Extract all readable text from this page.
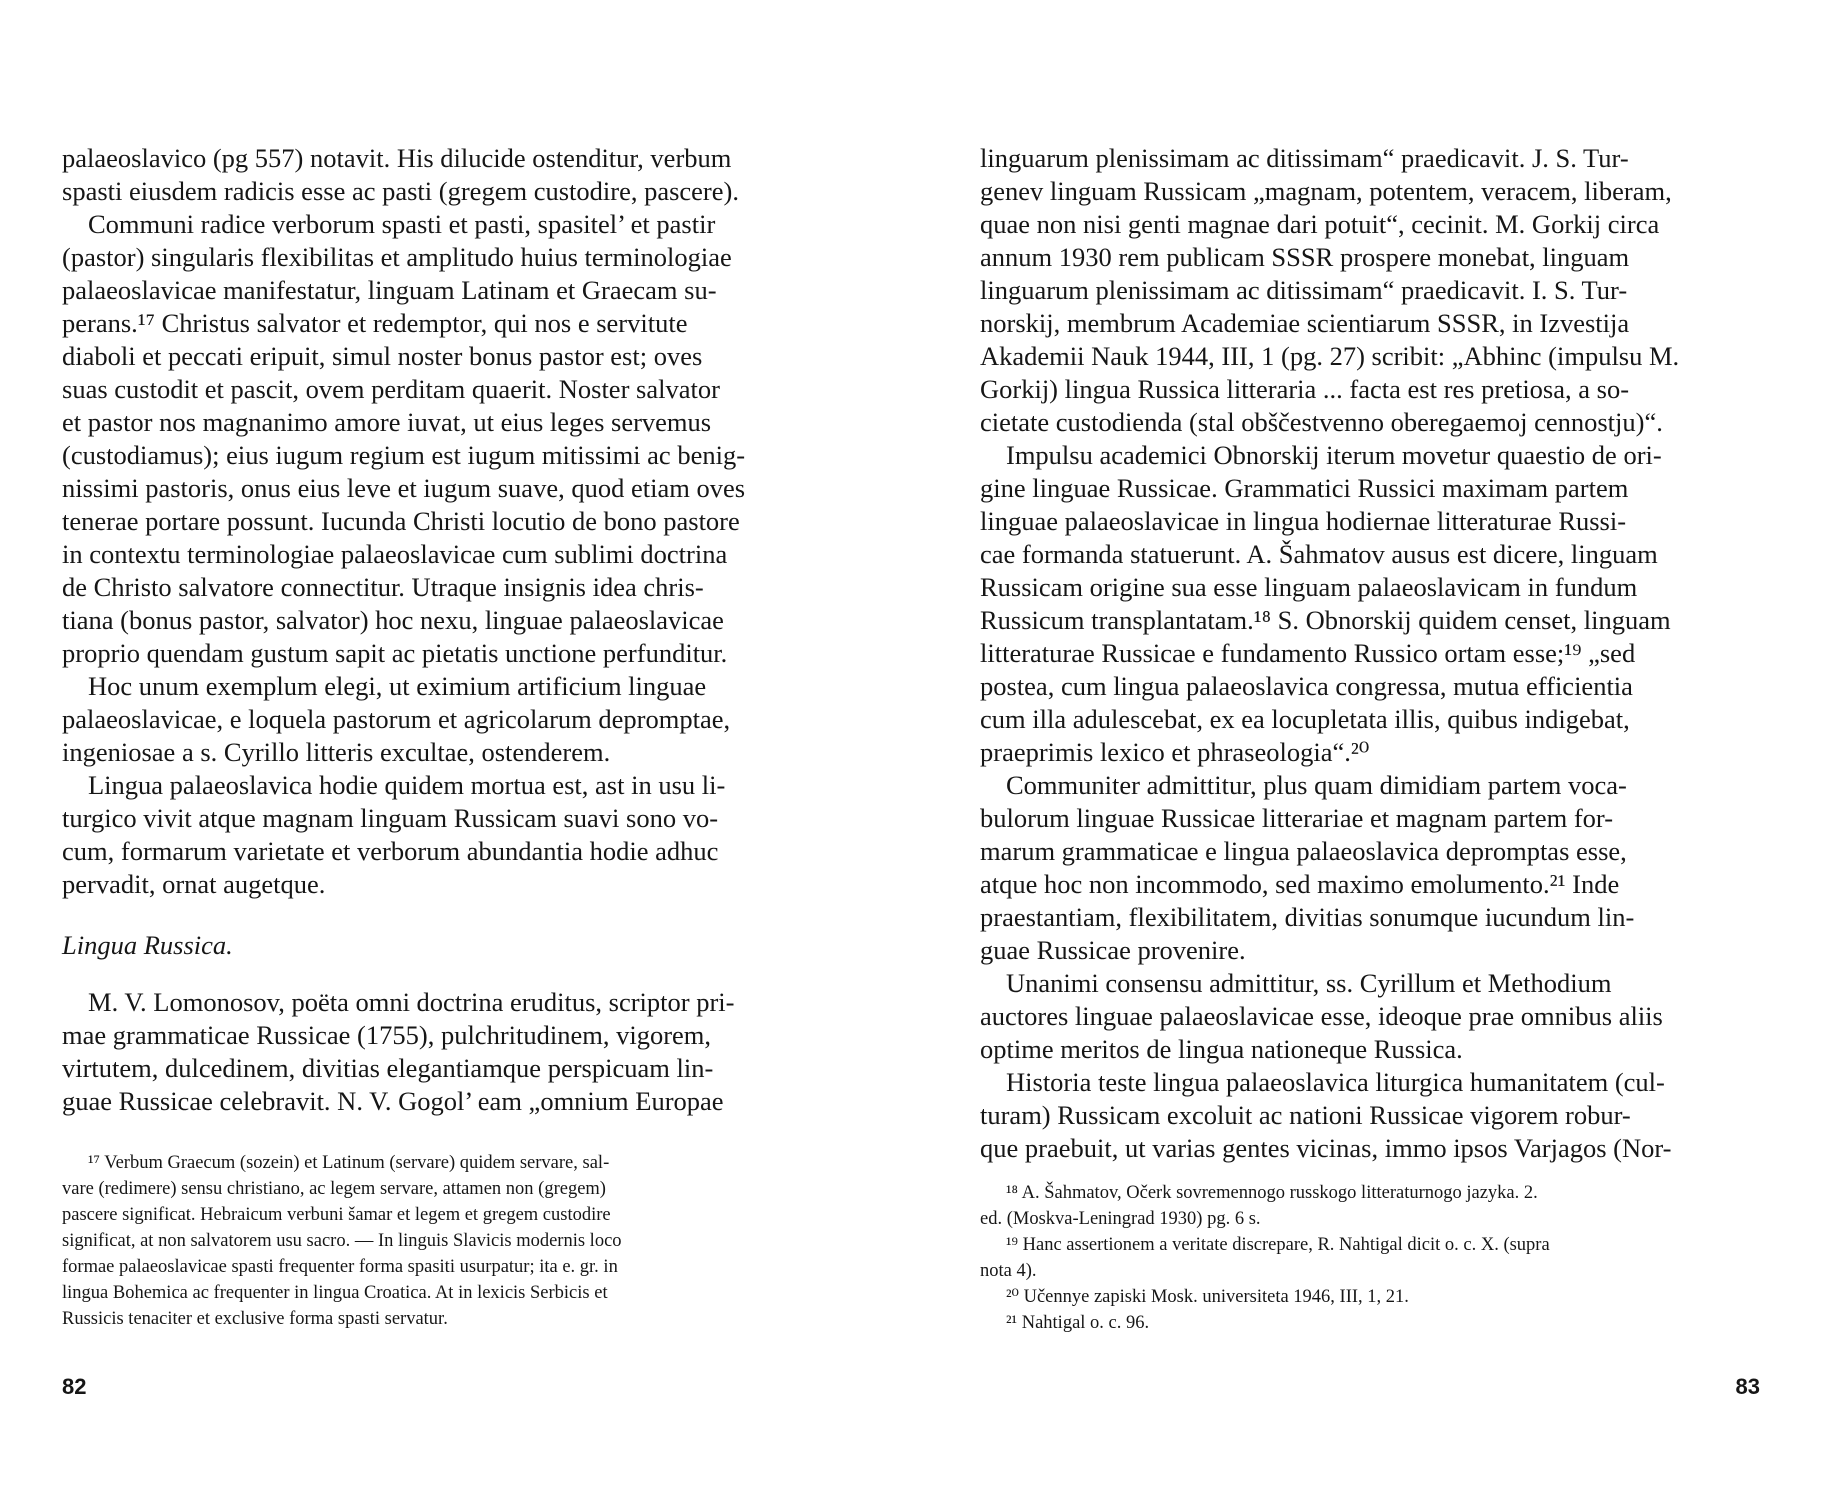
palaeoslavico (pg 557) notavit. His dilucide ostenditur, verbum
spasti eiusdem radicis esse ac pasti (gregem custodire, pascere).
Communi radice verborum spasti et pasti, spasitel’ et pastir
(pastor) singularis flexibilitas et amplitudo huius terminologiae
palaeoslavicae manifestatur, linguam Latinam et Graecam su-
perans.¹⁷ Christus salvator et redemptor, qui nos e servitute
diaboli et peccati eripuit, simul noster bonus pastor est; oves
suas custodit et pascit, ovem perditam quaerit. Noster salvator
et pastor nos magnanimo amore iuvat, ut eius leges servemus
(custodiamus); eius iugum regium est iugum mitissimi ac benig-
nissimi pastoris, onus eius leve et iugum suave, quod etiam oves
tenerae portare possunt. Iucunda Christi locutio de bono pastore
in contextu terminologiae palaeoslavicae cum sublimi doctrina
de Christo salvatore connectitur. Utraque insignis idea chris-
tiana (bonus pastor, salvator) hoc nexu, linguae palaeoslavicae
proprio quendam gustum sapit ac pietatis unctione perfunditur.
Hoc unum exemplum elegi, ut eximium artificium linguae
palaeoslavicae, e loquela pastorum et agricolarum depromptae,
ingeniosae a s. Cyrillo litteris excultae, ostenderem.
Lingua palaeoslavica hodie quidem mortua est, ast in usu li-
turgico vivit atque magnam linguam Russicam suavi sono vo-
cum, formarum varietate et verborum abundantia hodie adhuc
pervadit, ornat augetque.
Lingua Russica.
M. V. Lomonosov, poëta omni doctrina eruditus, scriptor pri-
mae grammaticae Russicae (1755), pulchritudinem, vigorem,
virtutem, dulcedinem, divitias elegantiamque perspicuam lin-
guae Russicae celebravit. N. V. Gogol’ eam „omnium Europae
¹⁷ Verbum Graecum (sozein) et Latinum (servare) quidem servare, sal-
vare (redimere) sensu christiano, ac legem servare, attamen non (gregem)
pascere significat. Hebraicum verbuni šamar et legem et gregem custodire
significat, at non salvatorem usu sacro. — In linguis Slavicis modernis loco
formae palaeoslavicae spasti frequenter forma spasiti usurpatur; ita e. gr. in
lingua Bohemica ac frequenter in lingua Croatica. At in lexicis Serbicis et
Russicis tenaciter et exclusive forma spasti servatur.
82
linguarum plenissimam ac ditissimam“ praedicavit. J. S. Tur-
genev linguam Russicam „magnam, potentem, veracem, liberam,
quae non nisi genti magnae dari potuit“, cecinit. M. Gorkij circa
annum 1930 rem publicam SSSR prospere monebat, linguam
linguarum plenissimam ac ditissimam“ praedicavit. I. S. Tur-
norskij, membrum Academiae scientiarum SSSR, in Izvestija
Akademii Nauk 1944, III, 1 (pg. 27) scribit: „Abhinc (impulsu M.
Gorkij) lingua Russica litteraria ... facta est res pretiosa, a so-
cietate custodienda (stal obščestvenno oberegaemoj cennostju)“.
Impulsu academici Obnorskij iterum movetur quaestio de ori-
gine linguae Russicae. Grammatici Russici maximam partem
linguae palaeoslavicae in lingua hodiernae litteraturae Russi-
cae formanda statuerunt. A. Šahmatov ausus est dicere, linguam
Russicam origine sua esse linguam palaeoslavicam in fundum
Russicum transplantatam.¹⁸ S. Obnorskij quidem censet, linguam
litteraturae Russicae e fundamento Russico ortam esse;¹⁹ „sed
postea, cum lingua palaeoslavica congressa, mutua efficientia
cum illa adulescebat, ex ea locupletata illis, quibus indigebat,
praeprimis lexico et phraseologia“.²⁰
Communiter admittitur, plus quam dimidiam partem voca-
bulorum linguae Russicae litterariae et magnam partem for-
marum grammaticae e lingua palaeoslavica depromptas esse,
atque hoc non incommodo, sed maximo emolumento.²¹ Inde
praestantiam, flexibilitatem, divitias sonumque iucundum lin-
guae Russicae provenire.
Unanimi consensu admittitur, ss. Cyrillum et Methodium
auctores linguae palaeoslavicae esse, ideoque prae omnibus aliis
optime meritos de lingua nationeque Russica.
Historia teste lingua palaeoslavica liturgica humanitatem (cul-
turam) Russicam excoluit ac nationi Russicae vigorem robur-
que praebuit, ut varias gentes vicinas, immo ipsos Varjagos (Nor-
¹⁸ A. Šahmatov, Očerk sovremennogo russkogo litteraturnogo jazyka. 2.
ed. (Moskva-Leningrad 1930) pg. 6 s.
¹⁹ Hanc assertionem a veritate discrepare, R. Nahtigal dicit o. c. X. (supra
nota 4).
²⁰ Učennye zapiski Mosk. universiteta 1946, III, 1, 21.
²¹ Nahtigal o. c. 96.
83
